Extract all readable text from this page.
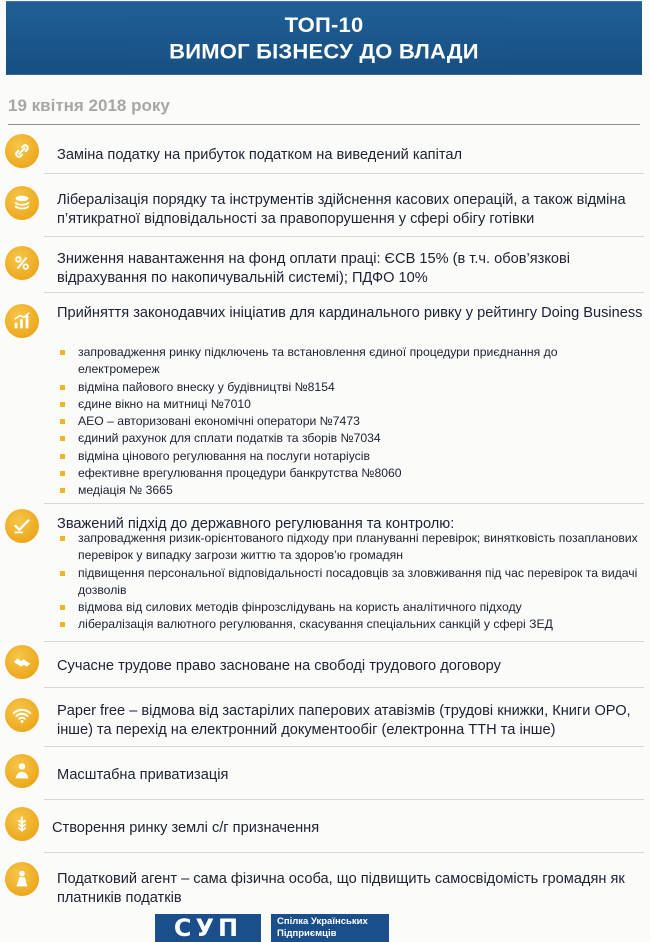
ТОП-10
ВИМОГ БІЗНЕСУ ДО ВЛАДИ
19 квітня 2018 року
Заміна податку на прибуток податком на виведений капітал
Лібералізація порядку та інструментів здійснення касових операцій, а також відміна п’ятикратної відповідальності за правопорушення у сфері обігу готівки
Зниження навантаження на фонд оплати праці: ЄСВ 15% (в т.ч. обов’язкові відрахування по накопичувальній системі); ПДФО 10%
Прийняття законодавчих ініціатив для кардинального ривку у рейтингу Doing Business
запровадження ринку підключень та встановлення єдиної процедури приєднання до електромереж
відміна пайового внеску у будівництві №8154
єдине вікно на митниці №7010
АЕО – авторизовані економічні оператори №7473
єдиний рахунок для сплати податків та зборів №7034
відміна цінового регулювання на послуги нотаріусів
ефективне врегулювання процедури банкрутства №8060
медіація № 3665
Зважений підхід до державного регулювання та контролю:
запровадження ризик-орієнтованого підходу при плануванні перевірок; винятковість позапланових перевірок у випадку загрози життю та здоров’ю громадян
підвищення персональної відповідальності посадовців за зловживання під час перевірок та видачі дозволів
відмова від силових методів фінрозслідувань на користь аналітичного підходу
лібералізація валютного регулювання, скасування спеціальних санкцій у сфері ЗЕД
Сучасне трудове право засноване на свободі трудового договору
Paper free – відмова від застарілих паперових атавізмів (трудові книжки, Книги ОРО, інше) та перехід на електронний документообіг (електронна ТТН та інше)
Масштабна приватизація
Створення ринку землі с/г призначення
Податковий агент – сама фізична особа, що підвищить самосвідомість громадян як платників податків
СУП	Спілка Українських
Підприємців
